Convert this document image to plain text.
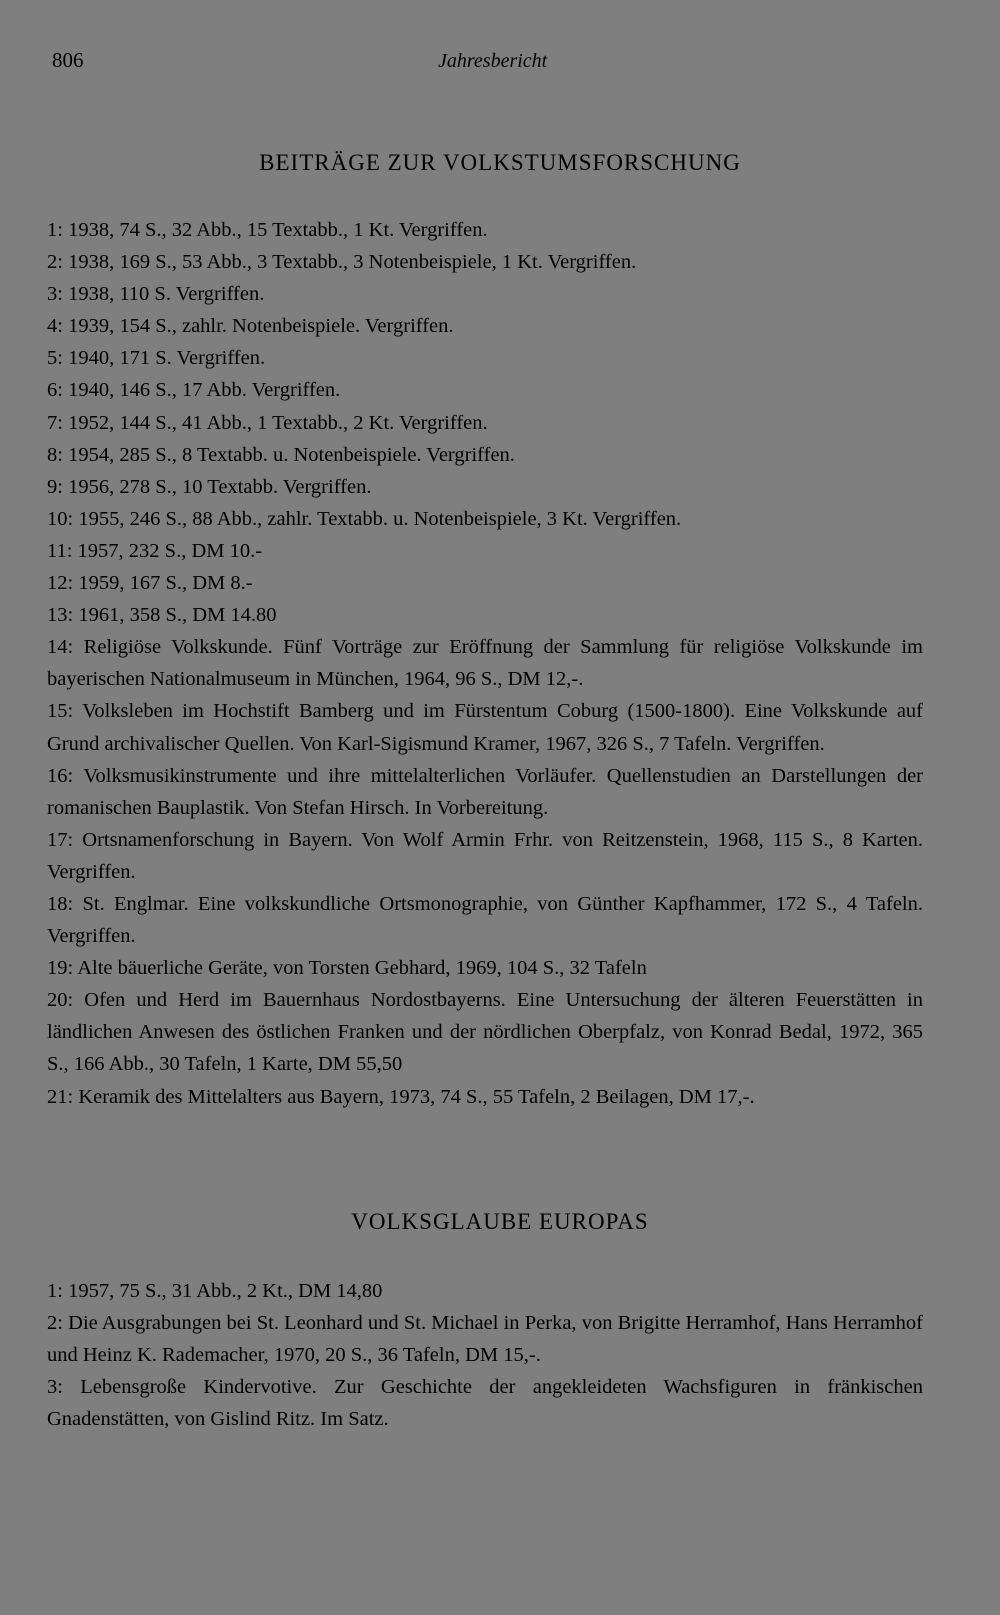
806	Jahresbericht
BEITRÄGE ZUR VOLKSTUMSFORSCHUNG
1: 1938, 74 S., 32 Abb., 15 Textabb., 1 Kt. Vergriffen.
2: 1938, 169 S., 53 Abb., 3 Textabb., 3 Notenbeispiele, 1 Kt. Vergriffen.
3: 1938, 110 S. Vergriffen.
4: 1939, 154 S., zahlr. Notenbeispiele. Vergriffen.
5: 1940, 171 S. Vergriffen.
6: 1940, 146 S., 17 Abb. Vergriffen.
7: 1952, 144 S., 41 Abb., 1 Textabb., 2 Kt. Vergriffen.
8: 1954, 285 S., 8 Textabb. u. Notenbeispiele. Vergriffen.
9: 1956, 278 S., 10 Textabb. Vergriffen.
10: 1955, 246 S., 88 Abb., zahlr. Textabb. u. Notenbeispiele, 3 Kt. Vergriffen.
11: 1957, 232 S., DM 10.-
12: 1959, 167 S., DM 8.-
13: 1961, 358 S., DM 14.80
14: Religiöse Volkskunde. Fünf Vorträge zur Eröffnung der Sammlung für religiöse Volkskunde im bayerischen Nationalmuseum in München, 1964, 96 S., DM 12,-.
15: Volksleben im Hochstift Bamberg und im Fürstentum Coburg (1500-1800). Eine Volkskunde auf Grund archivalischer Quellen. Von Karl-Sigismund Kramer, 1967, 326 S., 7 Tafeln. Vergriffen.
16: Volksmusikinstrumente und ihre mittelalterlichen Vorläufer. Quellenstudien an Darstellungen der romanischen Bauplastik. Von Stefan Hirsch. In Vorbereitung.
17: Ortsnamenforschung in Bayern. Von Wolf Armin Frhr. von Reitzenstein, 1968, 115 S., 8 Karten. Vergriffen.
18: St. Englmar. Eine volkskundliche Ortsmonographie, von Günther Kapfhammer, 172 S., 4 Tafeln. Vergriffen.
19: Alte bäuerliche Geräte, von Torsten Gebhard, 1969, 104 S., 32 Tafeln
20: Ofen und Herd im Bauernhaus Nordostbayerns. Eine Untersuchung der älteren Feuerstätten in ländlichen Anwesen des östlichen Franken und der nördlichen Oberpfalz, von Konrad Bedal, 1972, 365 S., 166 Abb., 30 Tafeln, 1 Karte, DM 55,50
21: Keramik des Mittelalters aus Bayern, 1973, 74 S., 55 Tafeln, 2 Beilagen, DM 17,-.
VOLKSGLAUBE EUROPAS
1: 1957, 75 S., 31 Abb., 2 Kt., DM 14,80
2: Die Ausgrabungen bei St. Leonhard und St. Michael in Perka, von Brigitte Herramhof, Hans Herramhof und Heinz K. Rademacher, 1970, 20 S., 36 Tafeln, DM 15,-.
3: Lebensgroße Kindervotive. Zur Geschichte der angekleideten Wachsfiguren in fränkischen Gnadenstätten, von Gislind Ritz. Im Satz.
